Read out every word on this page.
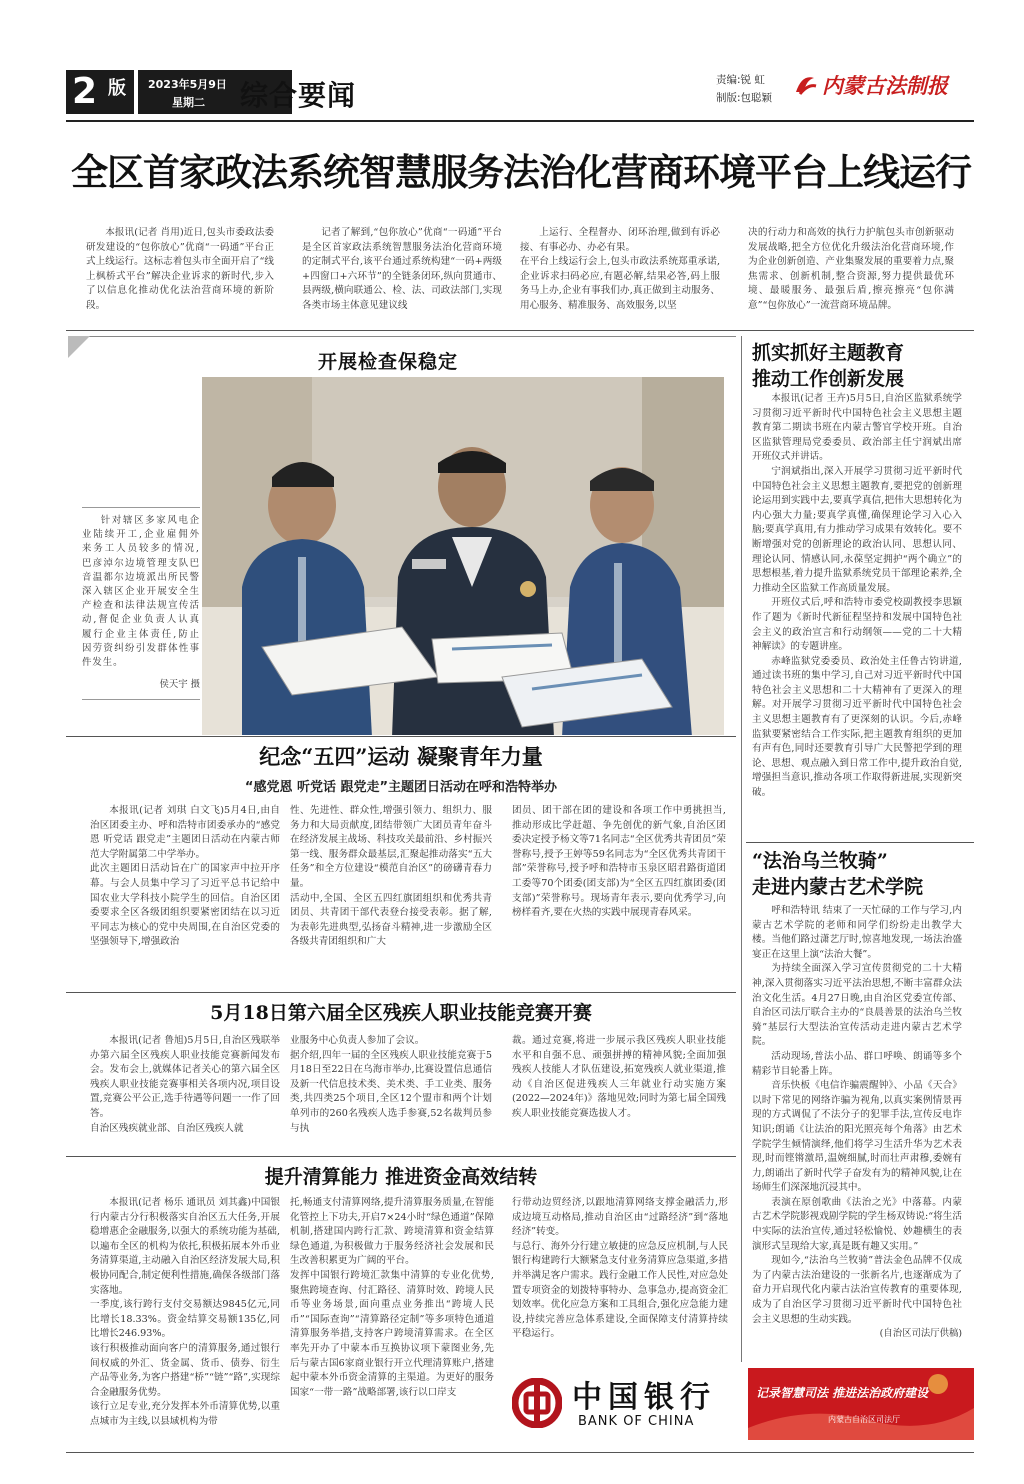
2 版 2023年5月9日
星期二 综合要闻	责编:锐 虹
制版:包聪颖 内蒙古法制报
全区首家政法系统智慧服务法治化营商环境平台上线运行
本报讯(记者 肖用)近日,包头市委政法委研发建设的“包你放心”优商“一码通”平台正式上线运行。这标志着包头市全面开启了“线上枫桥式平台”解决企业诉求的新时代,步入了以信息化推动优化法治营商环境的新阶段。
记者了解到,“包你放心”优商“一码通”平台是全区首家政法系统智慧服务法治化营商环境的定制式平台,该平台通过系统构建“一码+两级+四窗口+六环节”的全链条闭环,纵向贯通市、县两级,横向联通公、检、法、司政法部门,实现各类市场主体意见建议线
上运行、全程督办、闭环治理,做到有诉必接、有事必办、办必有果。
在平台上线运行会上,包头市政法系统郑重承诺,企业诉求扫码必应,有题必解,结果必答,码上服务马上办,企业有事我们办,真正做到主动服务、用心服务、精准服务、高效服务,以坚
决的行动力和高效的执行力护航包头市创新驱动发展战略,把全方位优化升级法治化营商环境,作为企业创新创造、产业集聚发展的重要着力点,聚焦需求、创新机制,整合资源,努力提供最优环境、最暖服务、最强后盾,擦亮擦亮“包你满意”“包你放心”一流营商环境品牌。
开展检查保稳定
针对辖区多家风电企业陆续开工,企业雇佣外来务工人员较多的情况,巴彦淖尔边境管理支队巴音温都尔边境派出所民警深入辖区企业开展安全生产检查和法律法规宣传活动,督促企业负责人认真履行企业主体责任,防止因劳资纠纷引发群体性事件发生。
侯天宇 摄
纪念“五四”运动 凝聚青年力量
“感党恩 听党话 跟党走”主题团日活动在呼和浩特举办
本报讯(记者 刘琪 白文飞)5月4日,由自治区团委主办、呼和浩特市团委承办的“感党恩 听党话 跟党走”主题团日活动在内蒙古师范大学附属第二中学举办。
此次主题团日活动旨在广的国家声中拉开序幕。与会人员集中学习了习近平总书记给中国农业大学科技小院学生的回信。自治区团委要求全区各级团组织要紧密团结在以习近平同志为核心的党中央周围,在自治区党委的坚强领导下,增强政治
性、先进性、群众性,增强引领力、组织力、服务力和大局贡献度,团结带领广大团员青年奋斗在经济发展主战场、科技攻关最前沿、乡村振兴第一线、服务群众最基层,汇聚起推动落实“五大任务”和全方位建设“模范自治区”的磅礴青春力量。
活动中,全国、全区五四红旗团组织和优秀共青团员、共青团干部代表登台接受表彰。据了解,为表彰先进典型,弘扬奋斗精神,进一步激励全区各级共青团组织和广大
团员、团干部在团的建设和各项工作中勇挑担当,推动形成比学赶超、争先创优的新气象,自治区团委决定授予杨文等71名同志“全区优秀共青团员”荣誉称号,授予王婷等59名同志为“全区优秀共青团干部”荣誉称号,授予呼和浩特市玉泉区昭君路街道团工委等70个团委(团支部)为“全区五四红旗团委(团支部)”荣誉称号。现场青年表示,要向优秀学习,向榜样看齐,要在火热的实践中展现青春风采。
5月18日第六届全区残疾人职业技能竞赛开赛
本报讯(记者 鲁旭)5月5日,自治区残联举办第六届全区残疾人职业技能竞赛新闻发布会。发布会上,就媒体记者关心的第六届全区残疾人职业技能竞赛事相关各项内况,项目设置,竞赛公平公正,选手待遇等问题一一作了回答。
自治区残疾就业部、自治区残疾人就
业服务中心负责人参加了会议。
据介绍,四年一届的全区残疾人职业技能竞赛于5月18日至22日在乌海市举办,比赛设置信息通信及新一代信息技术类、美术类、手工业类、服务类,共四类25个项目,全区12个盟市和两个计划单列市的260名残疾人选手参赛,52名裁判员参与执
裁。通过竞赛,将进一步展示我区残疾人职业技能水平和自强不息、顽强拼搏的精神风貌;全面加强残疾人技能人才队伍建设,拓宽残疾人就业渠道,推动《自治区促进残疾人三年就业行动实施方案(2022—2024年)》落地见效;同时为第七届全国残疾人职业技能竞赛选拔人才。
提升清算能力 推进资金高效结转
本报讯(记者 杨乐 通讯员 刘其鑫)中国银行内蒙古分行积极落实自治区五大任务,开展稳增惠企金融服务,以强大的系统功能为基础,以遍布全区的机构为依托,积极拓展本外币业务清算渠道,主动融入自治区经济发展大局,积极协同配合,制定便利性措施,确保各级部门落实落地。
一季度,该行跨行支付交易额达9845亿元,同比增长18.33%。资金结算交易额135亿,同比增长246.93%。
该行积极推动面向客户的清算服务,通过银行间权威的外汇、货金属、货币、债券、衍生产品等业务,为客户搭建“桥”“链”“路”,实现综合金融服务优势。
该行立足专业,充分发挥本外币清算优势,以重点城市为主线,以县域机构为带
托,畅通支付清算网络,提升清算服务质量,在智能化管控上下功夫,开启7×24小时“绿色通道”保障机制,搭建国内跨行汇款、跨境清算和资金结算绿色通道,为积极做力于服务经济社会发展和民生改善积累更为广阔的平台。
发挥中国银行跨境汇款集中清算的专业化优势,聚焦跨境查询、付汇路径、清算时效、跨境人民币等业务场景,面向重点业务推出“跨境人民币”“国际查询”“清算路径定制”等多项特色通道清算服务举措,支持客户跨境清算需求。在全区率先开办了中蒙本币互换协议项下蒙图业务,先后与蒙古国6家商业银行开立代理清算账户,搭建起中蒙本外币资金清算的主渠道。为更好的服务国家“一带一路”战略部署,该行以口岸支
行带动边贸经济,以跟地清算网络支撑金融活力,形成边境互动格局,推动自治区由“过路经济”到“落地经济”转变。
与总行、海外分行建立敏捷的应急反应机制,与人民银行构建跨行大额紧急支付业务清算应急渠道,多措并举满足客户需求。践行金融工作人民性,对应急处置专项资金的划拨特事特办、急事急办,提高资金汇划效率。优化应急方案和工具组合,强化应急能力建设,持续完善应急体系建设,全面保障支付清算持续平稳运行。
中国银行
BANK OF CHINA
抓实抓好主题教育
推动工作创新发展

本报讯(记者 王卉)5月5日,自治区监狱系统学习贯彻习近平新时代中国特色社会主义思想主题教育第二期读书班在内蒙古警官学校开班。自治区监狱管理局党委委员、政治部主任宁润斌出席开班仪式并讲话。

宁润斌指出,深入开展学习贯彻习近平新时代中国特色社会主义思想主题教育,要把党的创新理论运用到实践中去,要真学真信,把伟大思想转化为内心强大力量;要真学真懂,确保理论学习入心入脑;要真学真用,有力推动学习成果有效转化。要不断增强对党的创新理论的政治认同、思想认同、理论认同、情感认同,永葆坚定拥护“两个确立”的思想根基,着力提升监狱系统党员干部理论素养,全力推动全区监狱工作高质量发展。

开班仪式后,呼和浩特市委党校副教授李思颖作了题为《新时代新征程坚持和发展中国特色社会主义的政治宣言和行动纲领——党的二十大精神解读》的专题讲座。

赤峰监狱党委委员、政治处主任鲁古钧讲道,通过读书班的集中学习,自己对习近平新时代中国特色社会主义思想和二十大精神有了更深入的理解。对开展学习贯彻习近平新时代中国特色社会主义思想主题教育有了更深刻的认识。今后,赤峰监狱要紧密结合工作实际,把主题教育组织的更加有声有色,同时还要教育引导广大民警把学到的理论、思想、观点融入到日常工作中,提升政治自觉,增强担当意识,推动各项工作取得新进展,实现新突破。

“法治乌兰牧骑”
走进内蒙古艺术学院

呼和浩特讯 结束了一天忙碌的工作与学习,内蒙古艺术学院的老师和同学们纷纷走出教学大楼。当他们路过潇艺厅时,惊喜地发现,一场法治盛宴正在这里上演“法治大餐”。

为持续全面深入学习宣传贯彻党的二十大精神,深入贯彻落实习近平法治思想,不断丰富群众法治文化生活。4月27日晚,由自治区党委宣传部、自治区司法厅联合主办的“良晨善景的法治乌兰牧骑”基层行大型法治宣传活动走进内蒙古艺术学院。

活动现场,普法小品、群口呼唤、朗诵等多个精彩节目轮番上阵。

音乐快板《电信诈骗震醒钟》、小品《天合》以时下常见的网络诈骗为视角,以真实案例情景再现的方式调侃了不法分子的犯罪手法,宣传反电诈知识;朗诵《让法治的阳光照亮每个角落》由艺术学院学生倾情演绎,他们将学习生活升华为艺术表现,时而铿锵激昂,温婉细腻,时而壮声肃穆,委婉有力,朗诵出了新时代学子奋发有为的精神风貌,让在场师生们深深地沉浸其中。

表演在原创歌曲《法治之光》中落幕。内蒙古艺术学院影视戏剧学院的学生杨双铸说:“将生活中实际的法治宣传,通过轻松愉悦、妙趣横生的表演形式呈现给大家,真是既有趣又实用。”

现如今,“法治乌兰牧骑”普法金色品牌不仅成为了内蒙古法治建设的一张新名片,也逐渐成为了奋力开启现代化内蒙古法治宣传教育的重要体现,成为了自治区学习贯彻习近平新时代中国特色社会主义思想的生动实践。

(自治区司法厅供稿)
记录智慧司法 推进法治政府建设
内蒙古自治区司法厅
